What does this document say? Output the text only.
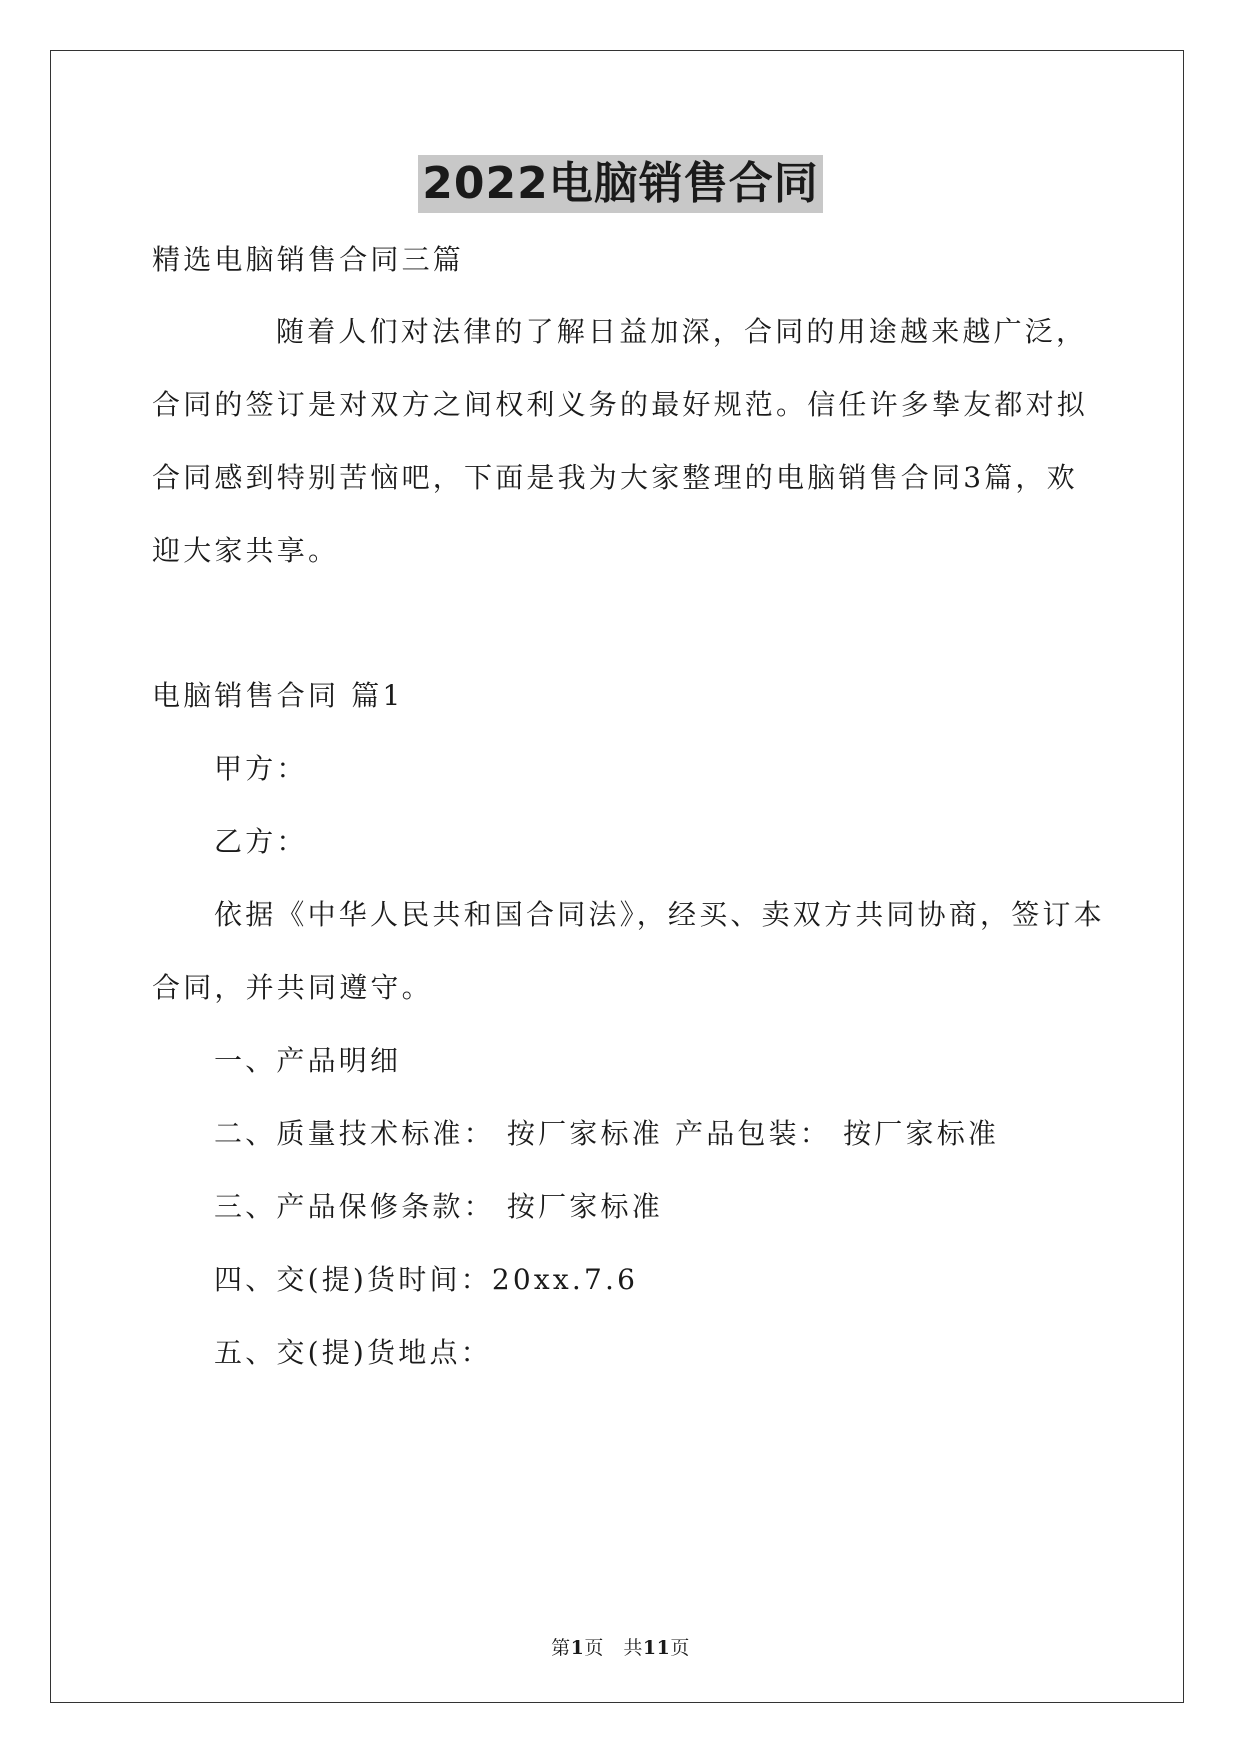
2022电脑销售合同
精选电脑销售合同三篇
随着人们对法律的了解日益加深，合同的用途越来越广泛，
合同的签订是对双方之间权利义务的最好规范。信任许多挚友都对拟
合同感到特别苦恼吧，下面是我为大家整理的电脑销售合同3篇，欢
迎大家共享。
电脑销售合同 篇1
甲方：
乙方：
依据《中华人民共和国合同法》，经买、卖双方共同协商，签订本
合同，并共同遵守。
一、产品明细
二、质量技术标准： 按厂家标准 产品包装： 按厂家标准
三、产品保修条款： 按厂家标准
四、交(提)货时间：20xx.7.6
五、交(提)货地点：
第1页　共11页
